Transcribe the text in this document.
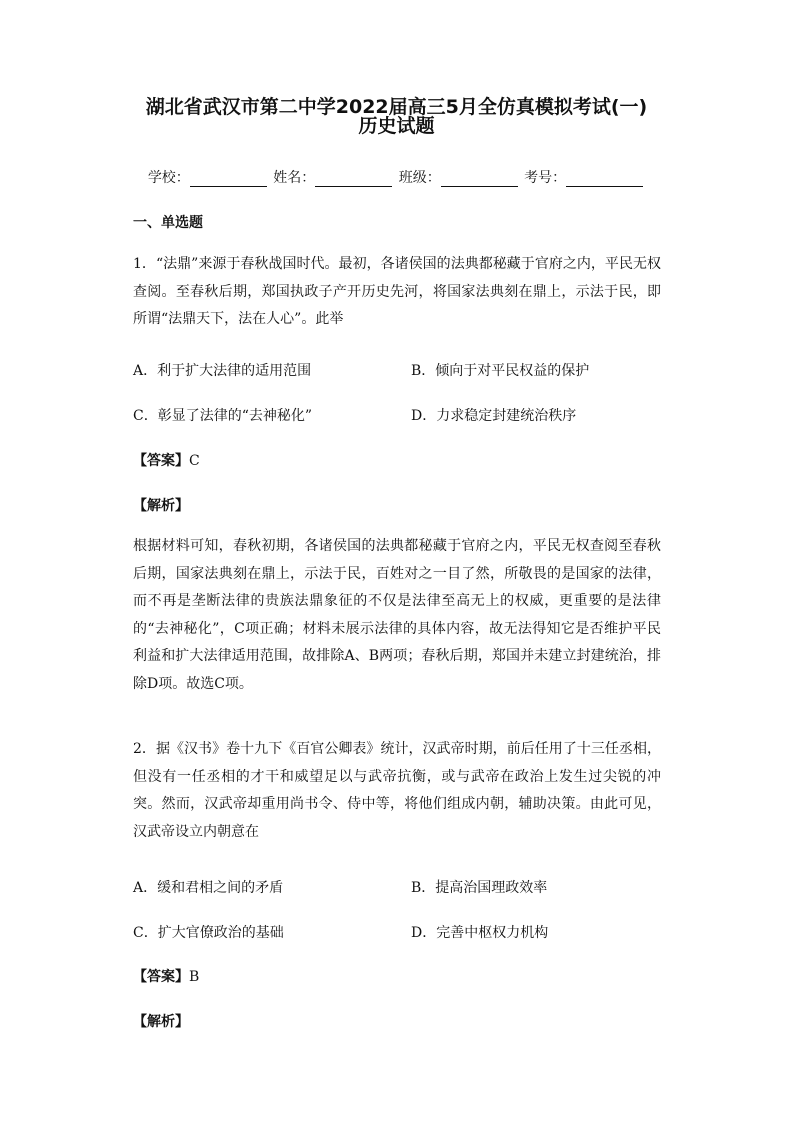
湖北省武汉市第二中学2022届高三5月全仿真模拟考试(一)
历史试题
学校：	姓名：	班级：	考号：
一、单选题
1．“法鼎”来源于春秋战国时代。最初，各诸侯国的法典都秘藏于官府之内，平民无权查阅。至春秋后期，郑国执政子产开历史先河，将国家法典刻在鼎上，示法于民，即所谓“法鼎天下，法在人心”。此举
A．利于扩大法律的适用范围	B．倾向于对平民权益的保护
C．彰显了法律的“去神秘化”	D．力求稳定封建统治秩序
【答案】C
【解析】
根据材料可知，春秋初期，各诸侯国的法典都秘藏于官府之内，平民无权查阅至春秋后期，国家法典刻在鼎上，示法于民，百姓对之一目了然，所敬畏的是国家的法律，而不再是垄断法律的贵族法鼎象征的不仅是法律至高无上的权威，更重要的是法律的“去神秘化”，C项正确；材料未展示法律的具体内容，故无法得知它是否维护平民利益和扩大法律适用范围，故排除A、B两项；春秋后期，郑国并未建立封建统治，排除D项。故选C项。
2．据《汉书》卷十九下《百官公卿表》统计，汉武帝时期，前后任用了十三任丞相，但没有一任丞相的才干和威望足以与武帝抗衡，或与武帝在政治上发生过尖锐的冲突。然而，汉武帝却重用尚书令、侍中等，将他们组成内朝，辅助决策。由此可见，汉武帝设立内朝意在
A．缓和君相之间的矛盾	B．提高治国理政效率
C．扩大官僚政治的基础	D．完善中枢权力机构
【答案】B
【解析】
